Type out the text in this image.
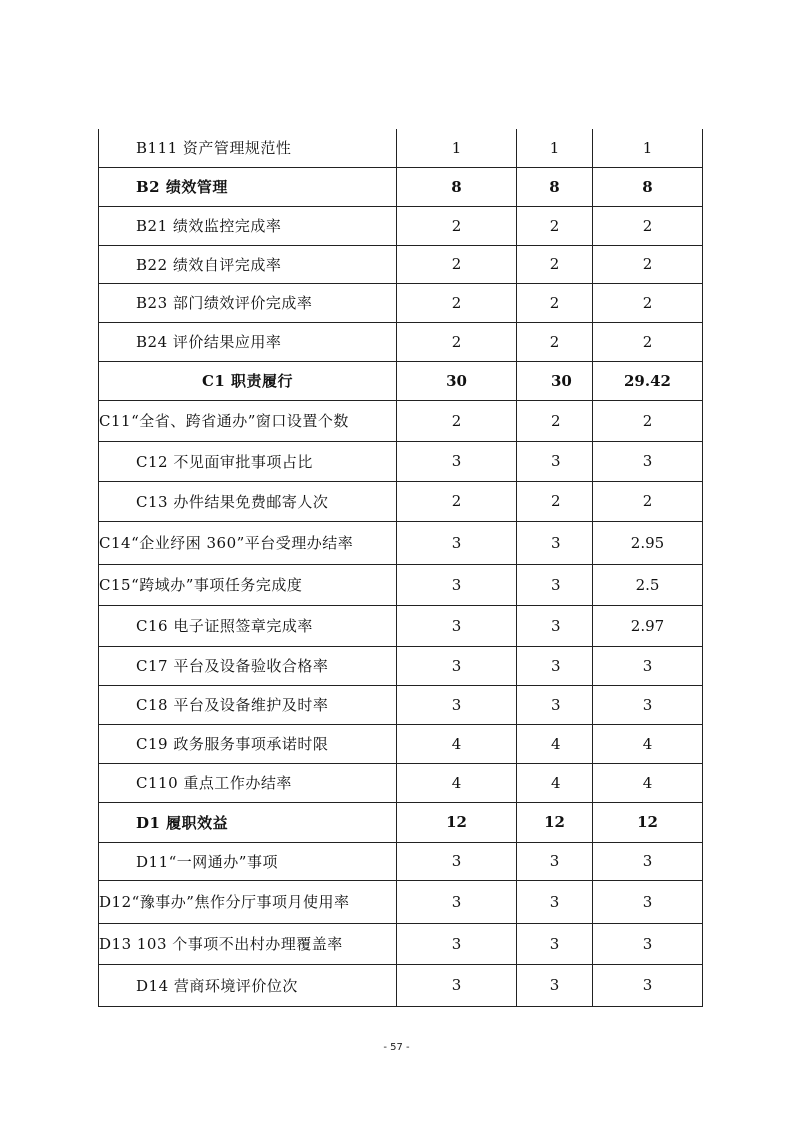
B111 资产管理规范性	1	1	1
B2 绩效管理	8	8	8
B21 绩效监控完成率	2	2	2
B22 绩效自评完成率	2	2	2
B23 部门绩效评价完成率	2	2	2
B24 评价结果应用率	2	2	2
C1 职责履行	30	30	29.42
C11“全省、跨省通办”窗口设置个数	2	2	2
C12 不见面审批事项占比	3	3	3
C13 办件结果免费邮寄人次	2	2	2
C14“企业纾困 360”平台受理办结率	3	3	2.95
C15“跨域办”事项任务完成度	3	3	2.5
C16 电子证照签章完成率	3	3	2.97
C17 平台及设备验收合格率	3	3	3
C18 平台及设备维护及时率	3	3	3
C19 政务服务事项承诺时限	4	4	4
C110 重点工作办结率	4	4	4
D1 履职效益	12	12	12
D11“一网通办”事项	3	3	3
D12“豫事办”焦作分厅事项月使用率	3	3	3
D13 103 个事项不出村办理覆盖率	3	3	3
D14 营商环境评价位次	3	3	3
- 57 -
